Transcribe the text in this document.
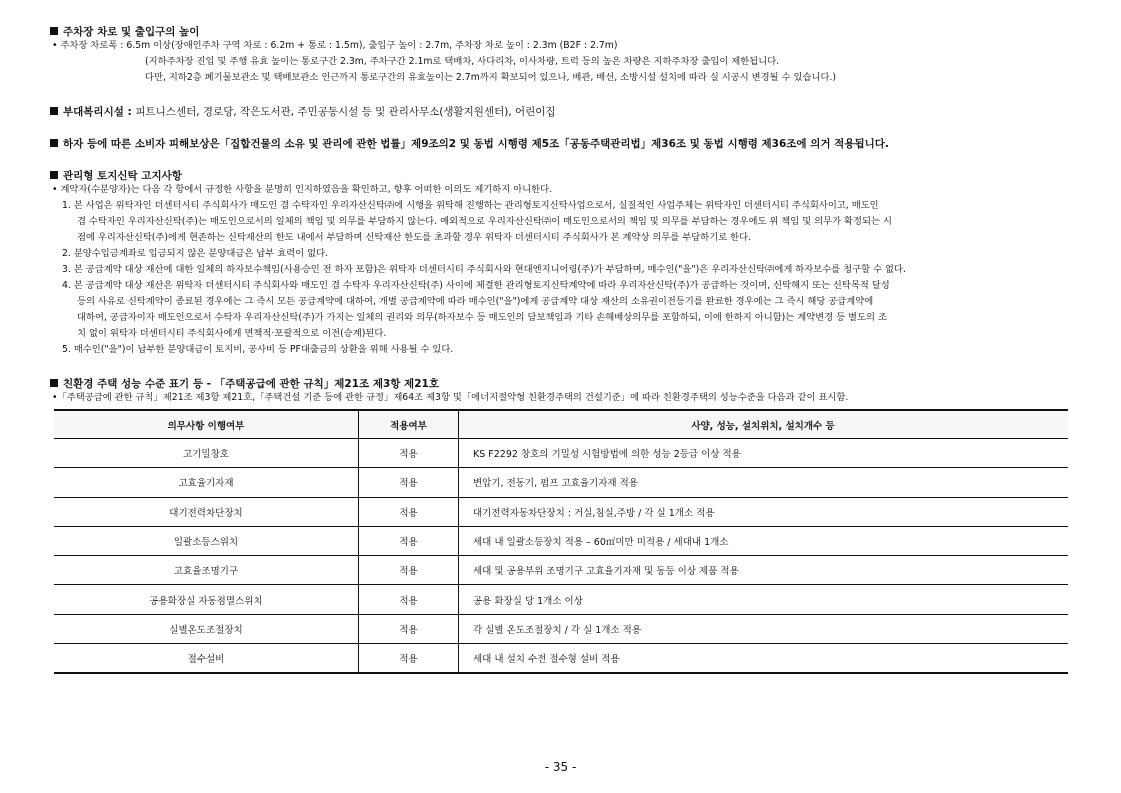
주차장 차로 및 출입구의 높이
• 주차장 차로폭 : 6.5m 이상(장애인주차 구역 차로 : 6.2m + 통로 : 1.5m), 출입구 높이 : 2.7m, 주차장 차로 높이 : 2.3m (B2F : 2.7m)
(지하주차장 진입 및 주행 유효 높이는 통로구간 2.3m, 주차구간 2.1m로 택배차, 사다리차, 이사차량, 트럭 등의 높은 차량은 지하주차장 출입이 제한됩니다.
다만, 지하2층 폐기물보관소 및 택배보관소 인근까지 통로구간의 유효높이는 2.7m까지 확보되어 있으나, 배관, 배선, 소방시설 설치에 따라 실 시공시 변경될 수 있습니다.)
부대복리시설 : 피트니스센터, 경로당, 작은도서관, 주민공동시설 등 및 관리사무소(생활지원센터), 어린이집
하자 등에 따른 소비자 피해보상은「집합건물의 소유 및 관리에 관한 법률」제9조의2 및 동법 시행령 제5조「공동주택관리법」제36조 및 동법 시행령 제36조에 의거 적용됩니다.
관리형 토지신탁 고지사항
• 계약자(수분양자)는 다음 각 항에서 규정한 사항을 분명히 인지하였음을 확인하고, 향후 어떠한 이의도 제기하지 아니한다.
1. 본 사업은 위탁자인 더센터시티 주식회사가 매도인 겸 수탁자인 우리자산신탁㈜에 시행을 위탁해 진행하는 관리형토지신탁사업으로서, 실질적인 사업주체는 위탁자인 더센터시티 주식회사이고, 매도인
겸 수탁자인 우리자산신탁(주)는 매도인으로서의 일체의 책임 및 의무를 부담하지 않는다. 예외적으로 우리자산신탁㈜이 매도인으로서의 책임 및 의무를 부담하는 경우에도 위 책임 및 의무가 확정되는 시
점에 우리자산신탁(주)에게 현존하는 신탁재산의 한도 내에서 부담하며 신탁재산 한도를 초과할 경우 위탁자 더센터시티 주식회사가 본 계약상 의무를 부담하기로 한다.
2. 분양수입금계좌로 입금되지 않은 분양대금은 납부 효력이 없다.
3. 본 공급계약 대상 재산에 대한 일체의 하자보수책임(사용승인 전 하자 포함)은 위탁자 더센터시티 주식회사와 현대엔지니어링(주)가 부담하며, 매수인("을")은 우리자산신탁㈜에게 하자보수를 청구할 수 없다.
4. 본 공급계약 대상 재산은 위탁자 더센터시티 주식회사와 매도인 겸 수탁자 우리자산신탁(주) 사이에 체결한 관리형토지신탁계약에 따라 우리자산신탁(주)가 공급하는 것이며, 신탁해지 또는 신탁목적 달성
등의 사유로 신탁계약이 종료된 경우에는 그 즉시 모든 공급계약에 대하여, 개별 공급계약에 따라 매수인("을")에게 공급계약 대상 재산의 소유권이전등기를 완료한 경우에는 그 즉시 해당 공급계약에
대하여, 공급자이자 매도인으로서 수탁자 우리자산신탁(주)가 가지는 일체의 권리와 의무(하자보수 등 매도인의 담보책임과 기타 손해배상의무를 포함하되, 이에 한하지 아니함)는 계약변경 등 별도의 조
치 없이 위탁자 더센터시티 주식회사에게 면책적·포괄적으로 이전(승계)된다.
5. 매수인("을")이 납부한 분양대금이 토지비, 공사비 등 PF대출금의 상환을 위해 사용될 수 있다.
친환경 주택 성능 수준 표기 등 - 「주택공급에 관한 규칙」제21조 제3항 제21호
•「주택공급에 관한 규칙」제21조 제3항 제21호,「주택건설 기준 등에 관한 규정」제64조 제3항 및「에너지절약형 친환경주택의 건설기준」에 따라 친환경주택의 성능수준을 다음과 같이 표시함.
의무사항 이행여부	적용여부	사양, 성능, 설치위치, 설치개수 등
고기밀창호	적용	KS F2292 창호의 기밀성 시험방법에 의한 성능 2등급 이상 적용
고효율기자재	적용	변압기, 전동기, 펌프 고효율기자재 적용
대기전력차단장치	적용	대기전력자동차단장치 : 거실,침실,주방 / 각 실 1개소 적용
일괄소등스위치	적용	세대 내 일괄소등장치 적용 – 60㎡미만 미적용 / 세대내 1개소
고효율조명기구	적용	세대 및 공용부위 조명기구 고효율기자재 및 동등 이상 제품 적용
공용화장실 자동점멸스위치	적용	공용 화장실 당 1개소 이상
실별온도조절장치	적용	각 실별 온도조절장치 / 각 실 1개소 적용
절수설비	적용	세대 내 설치 수전 절수형 설비 적용
- 35 -
